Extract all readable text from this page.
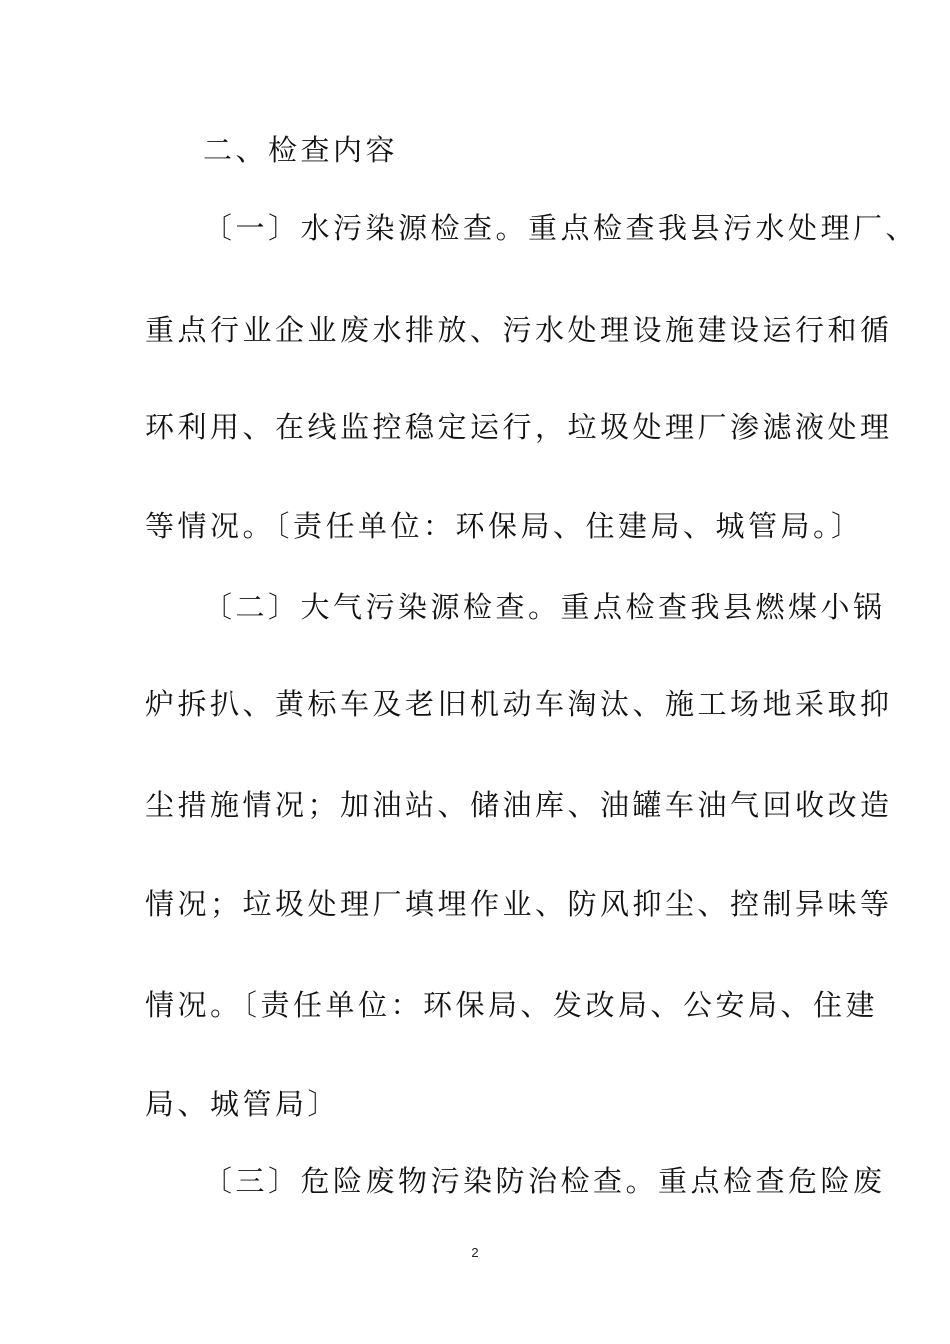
二、检查内容
〔一〕水污染源检查。重点检查我县污水处理厂、
重点行业企业废水排放、污水处理设施建设运行和循
环利用、在线监控稳定运行，垃圾处理厂渗滤液处理
等情况。〔责任单位：环保局、住建局、城管局。〕
〔二〕大气污染源检查。重点检查我县燃煤小锅
炉拆扒、黄标车及老旧机动车淘汰、施工场地采取抑
尘措施情况；加油站、储油库、油罐车油气回收改造
情况；垃圾处理厂填埋作业、防风抑尘、控制异味等
情况。〔责任单位：环保局、发改局、公安局、住建
局、城管局〕
〔三〕危险废物污染防治检查。重点检查危险废
2
